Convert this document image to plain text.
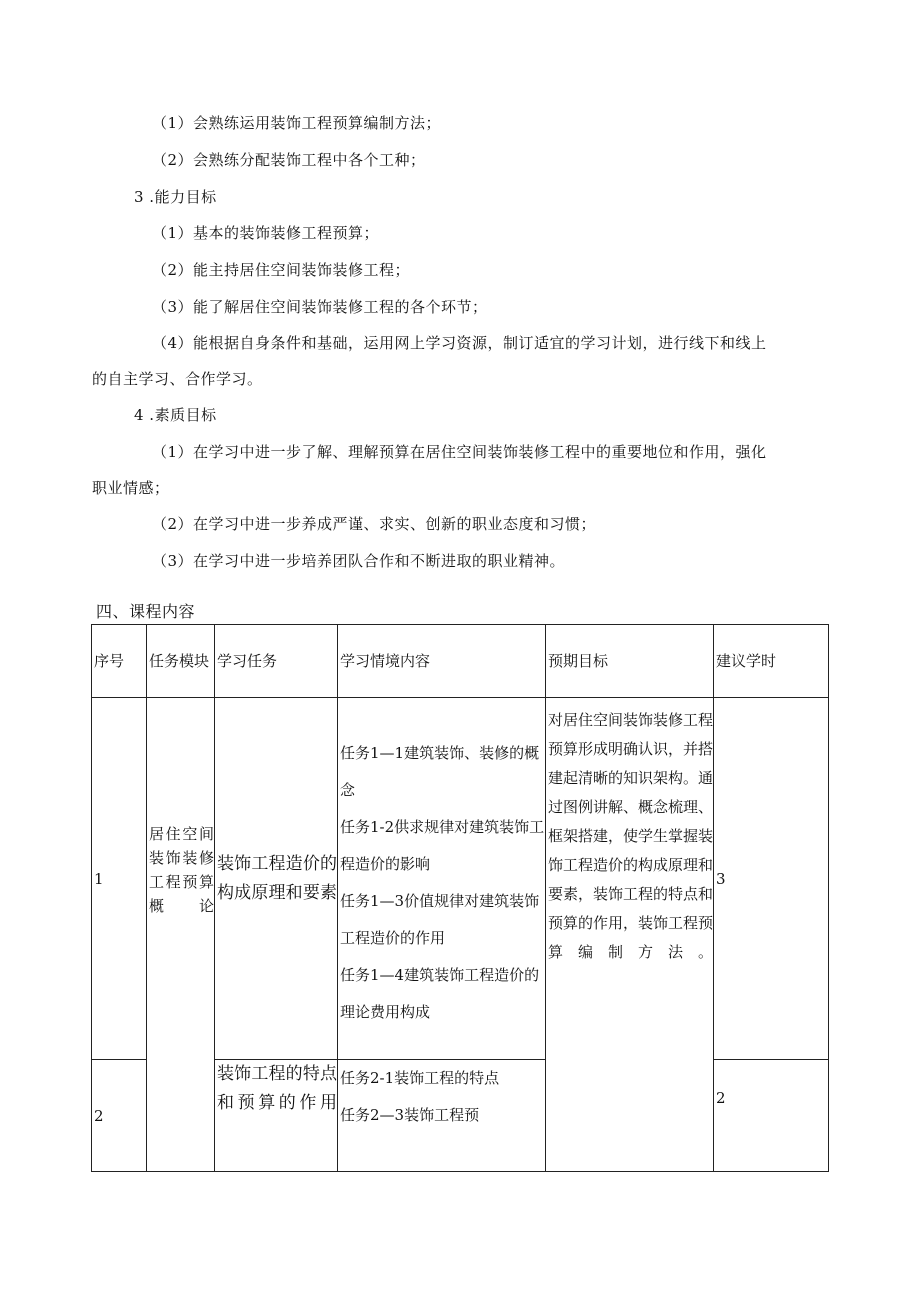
（1）会熟练运用装饰工程预算编制方法；
（2）会熟练分配装饰工程中各个工种；
3 .能力目标
（1）基本的装饰装修工程预算；
（2）能主持居住空间装饰装修工程；
（3）能了解居住空间装饰装修工程的各个环节；
（4）能根据自身条件和基础，运用网上学习资源，制订适宜的学习计划，进行线下和线上
的自主学习、合作学习。
4 .素质目标
（1）在学习中进一步了解、理解预算在居住空间装饰装修工程中的重要地位和作用，强化
职业情感；
（2）在学习中进一步养成严谨、求实、创新的职业态度和习惯；
（3）在学习中进一步培养团队合作和不断进取的职业精神。
四、课程内容
序号	任务模块	学习任务	学习情境内容	预期目标	建议学时
1	居住空间装饰装修工程预算概论	装饰工程造价的构成原理和要素	任务1—1建筑装饰、装修的概念
任务1-2供求规律对建筑装饰工程造价的影响
任务1—3价值规律对建筑装饰工程造价的作用
任务1—4建筑装饰工程造价的理论费用构成	对居住空间装饰装修工程预算形成明确认识，并搭建起清晰的知识架构。通过图例讲解、概念梳理、框架搭建，使学生掌握装饰工程造价的构成原理和要素，装饰工程的特点和预算的作用，装饰工程预算编制方法。	3
2		装饰工程的特点和预算的作用	任务2-1装饰工程的特点
任务2—3装饰工程预		2
